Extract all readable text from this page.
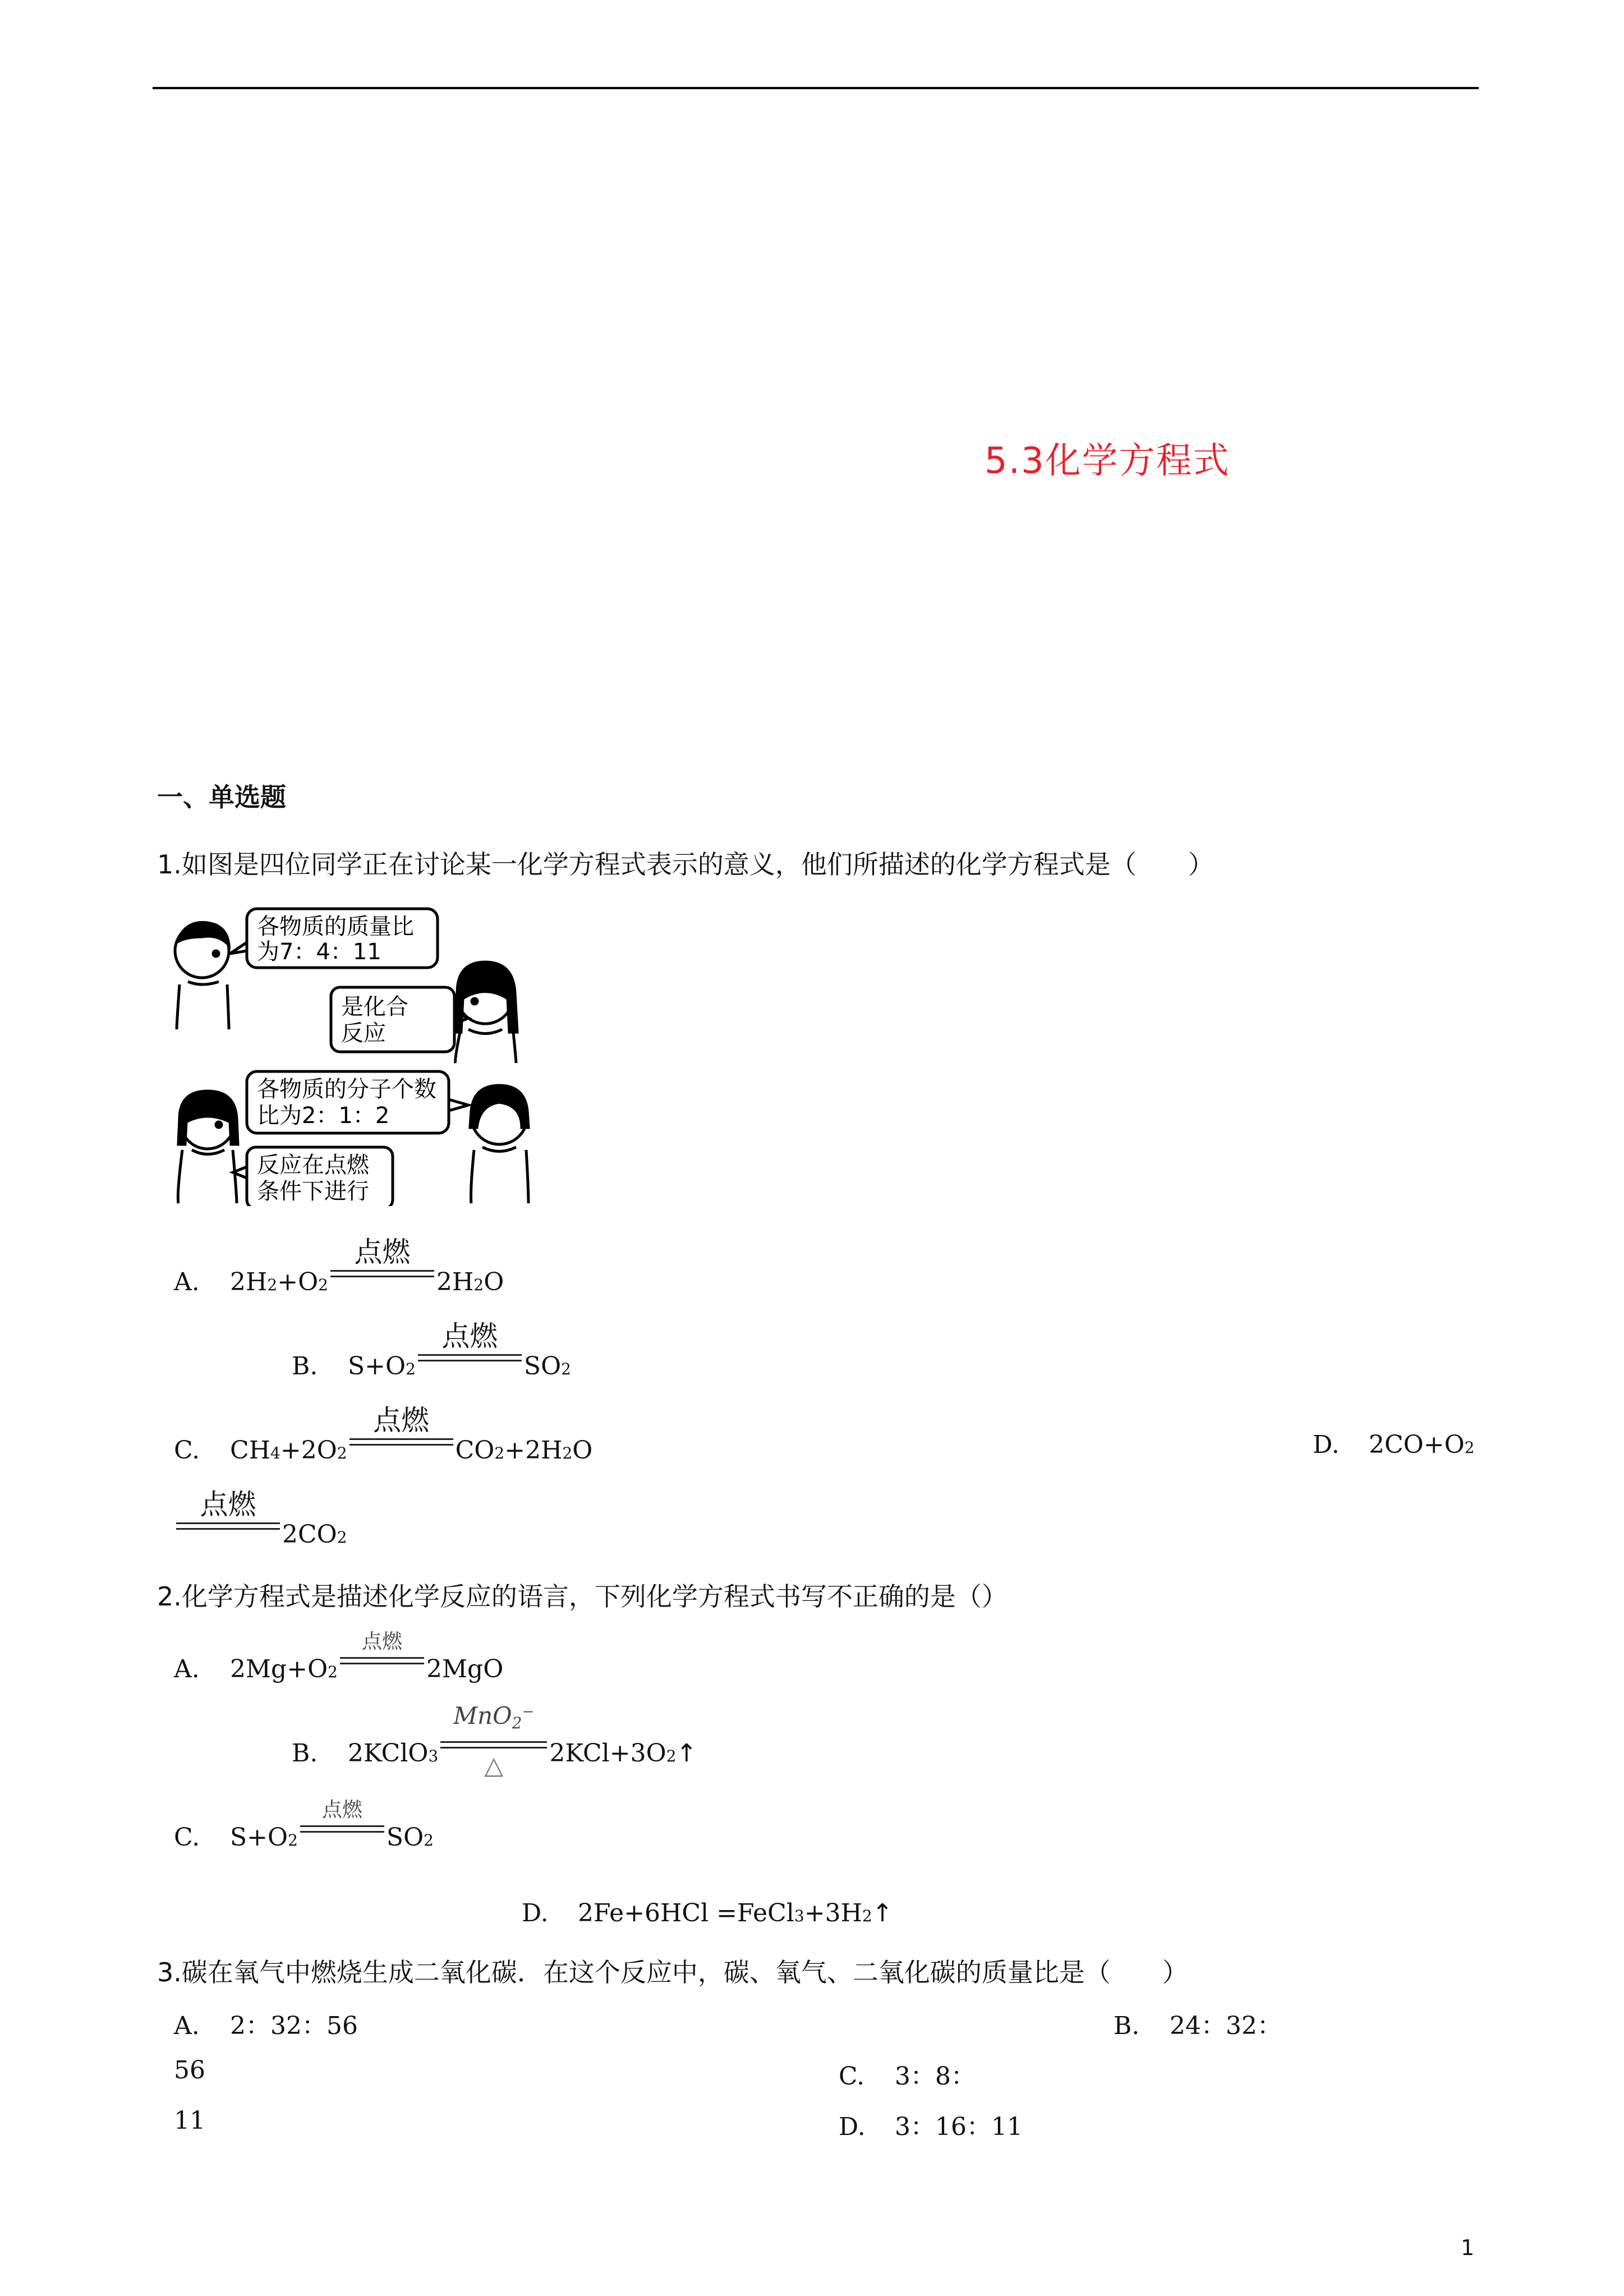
5.3化学方程式
一、单选题
1.如图是四位同学正在讨论某一化学方程式表示的意义，他们所描述的化学方程式是（　　）
各物质的质量比
为7：4：11
是化合
反应
各物质的分子个数
比为2：1：2
反应在点燃
条件下进行
A.	2H 2 +O 2
点燃
2H 2 O
B.	S+O 2
点燃
SO 2
C.	CH 4 +2O 2
点燃
CO 2 +2H 2 O	D.	2CO+O 2
点燃
2CO 2
2.化学方程式是描述化学反应的语言，下列化学方程式书写不正确的是（）
A.	2Mg+O 2
点燃
2MgO
B.	2KClO 3
MnO$_2$⁻
△	2KCl+3O 2 ↑
C.	S+O 2
点燃
SO 2
D.	2Fe+6HCl =FeCl 3 +3H 2 ↑
3.碳在氧气中燃烧生成二氧化碳．在这个反应中，碳、氧气、二氧化碳的质量比是（　　）
A.	2：32：56	B.	24：32：
56	C.	3：8：
11	D.	3：16：11
1
